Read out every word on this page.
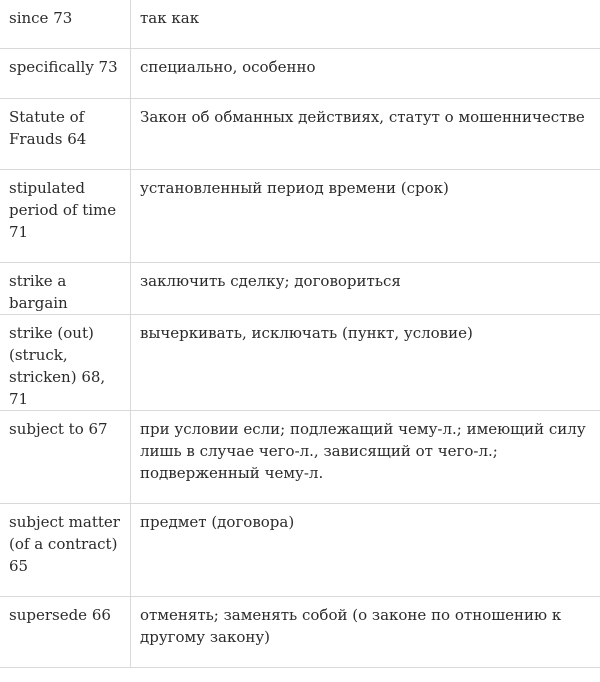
since 73	так как
specifically 73	специально, особенно
Statute of Frauds 64	Закон об обманных действиях, статут о мошенничестве
stipulated period of time 71	установленный период времени (срок)
strike a bargain	заключить сделку; договориться
strike (out) (struck, stricken) 68, 71	вычеркивать, исключать (пункт, условие)
subject to 67	при условии если; подлежащий чему-л.; имеющий силу лишь в случае чего-л., зависящий от чего-л.; подверженный чему-л.
subject matter (of a contract) 65	предмет (договора)
supersede 66	отменять; заменять собой (о законе по отношению к другому закону)
